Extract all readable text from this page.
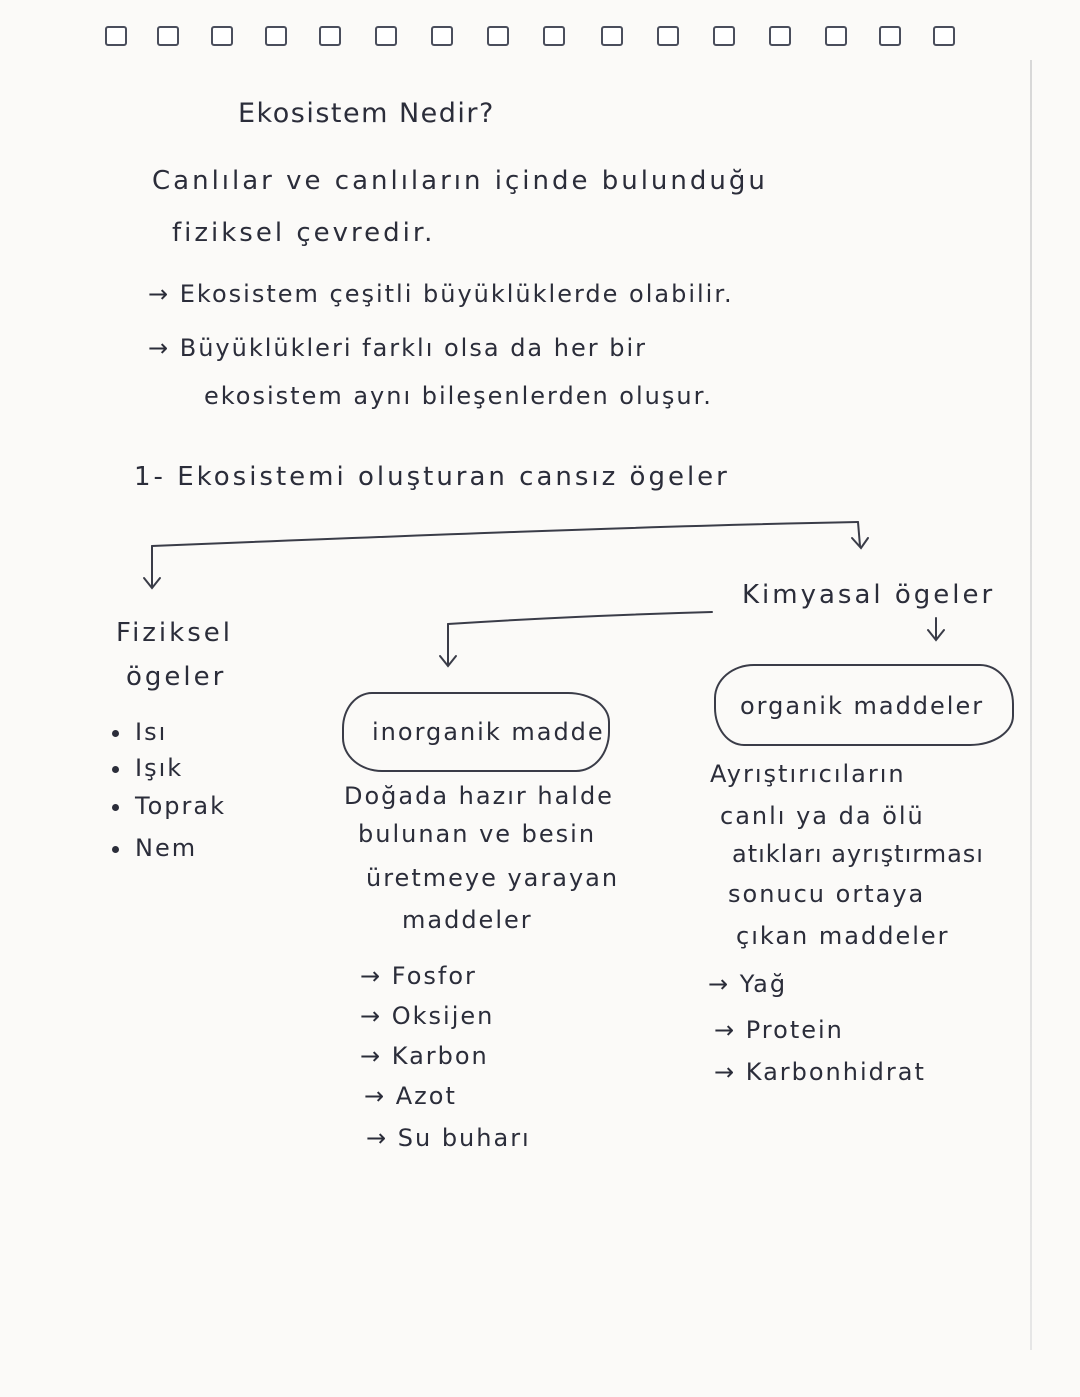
Ekosistem Nedir?
Canlılar ve canlıların içinde bulunduğu
fiziksel çevredir.
→ Ekosistem çeşitli büyüklüklerde olabilir.
→ Büyüklükleri farklı olsa da her bir
ekosistem aynı bileşenlerden oluşur.
1- Ekosistemi oluşturan cansız ögeler
Fiziksel
ögeler
Isı
Işık
Toprak
Nem
Kimyasal ögeler
inorganik madde
Doğada hazır halde
bulunan ve besin
üretmeye yarayan
maddeler
→ Fosfor
→ Oksijen
→ Karbon
→ Azot
→ Su buharı
organik maddeler
Ayrıştırıcıların
canlı ya da ölü
atıkları ayrıştırması
sonucu ortaya
çıkan maddeler
→ Yağ
→ Protein
→ Karbonhidrat
